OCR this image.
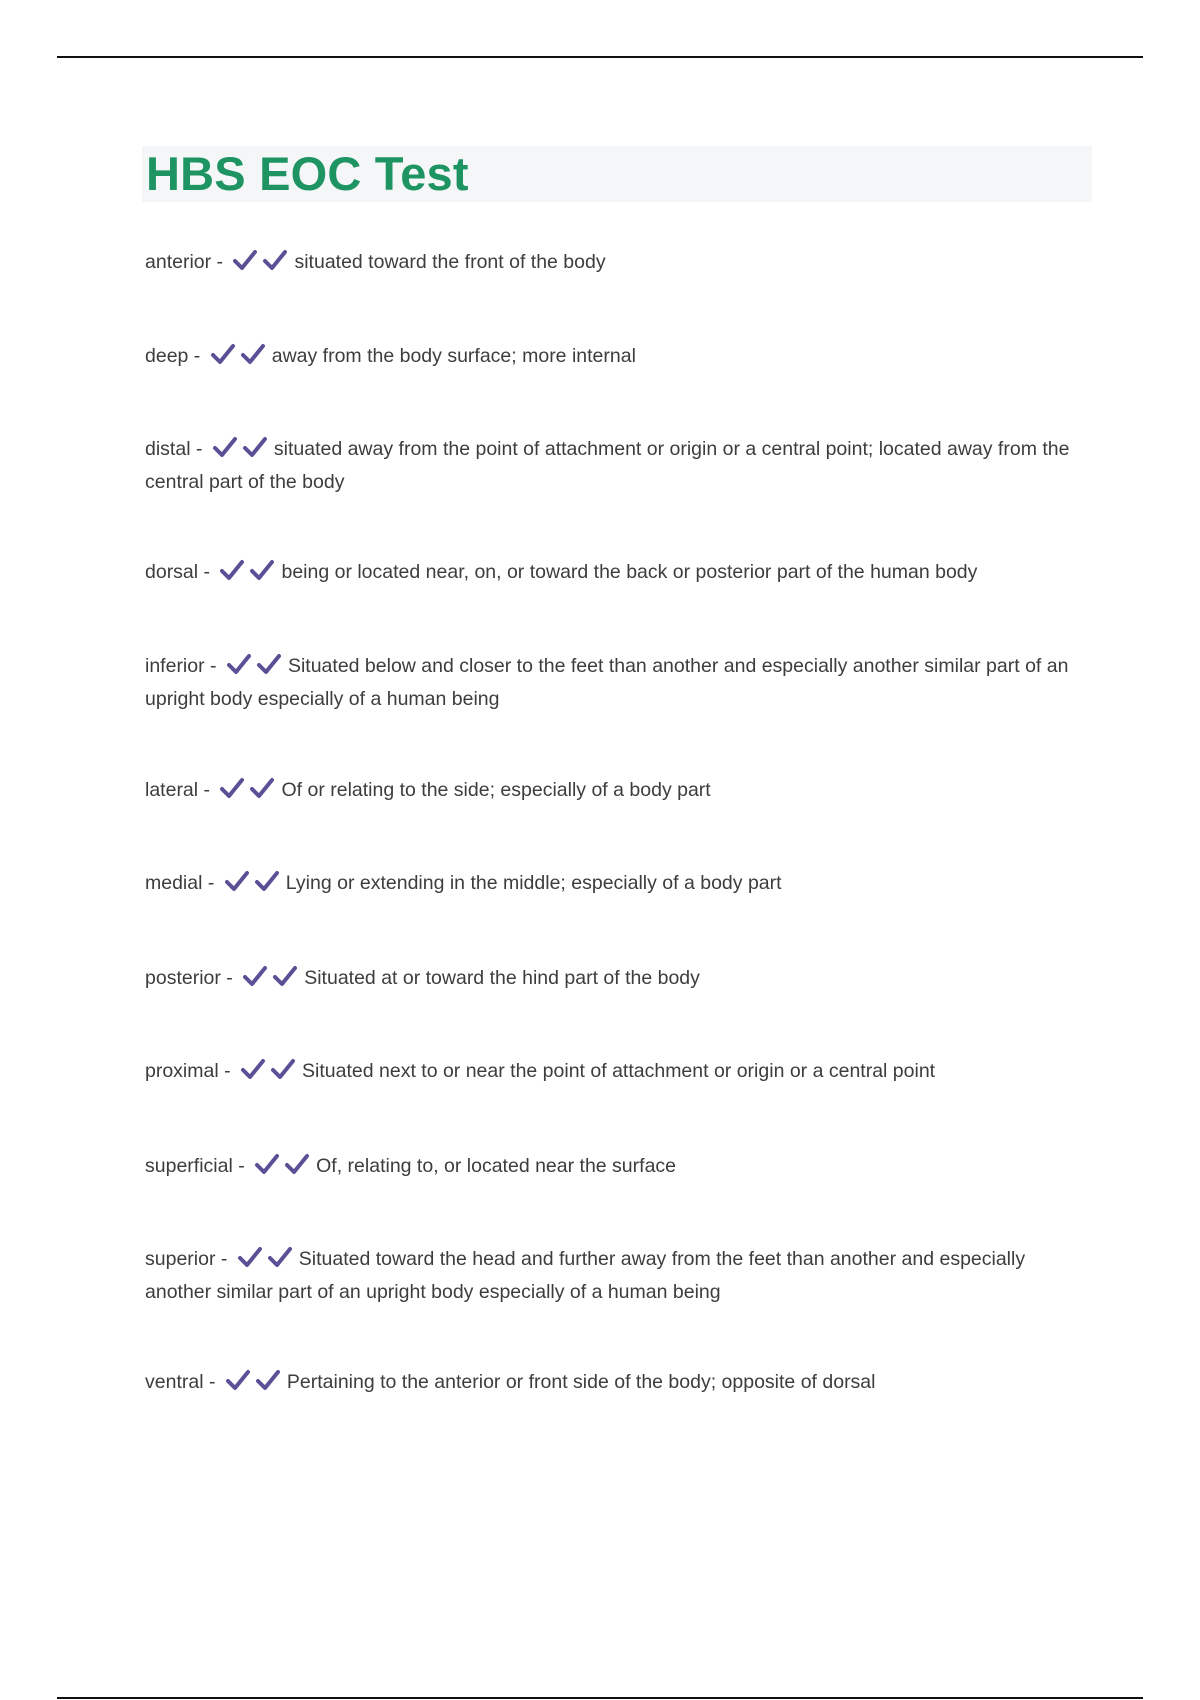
HBS EOC Test
anterior -	situated toward the front of the body
deep -	away from the body surface; more internal
distal -	situated away from the point of attachment or origin or a central point; located away from the central part of the body
dorsal -	being or located near, on, or toward the back or posterior part of the human body
inferior -	Situated below and closer to the feet than another and especially another similar part of an upright body especially of a human being
lateral -	Of or relating to the side; especially of a body part
medial -	Lying or extending in the middle; especially of a body part
posterior -	Situated at or toward the hind part of the body
proximal -	Situated next to or near the point of attachment or origin or a central point
superficial -	Of, relating to, or located near the surface
superior -	Situated toward the head and further away from the feet than another and especially another similar part of an upright body especially of a human being
ventral -	Pertaining to the anterior or front side of the body; opposite of dorsal
